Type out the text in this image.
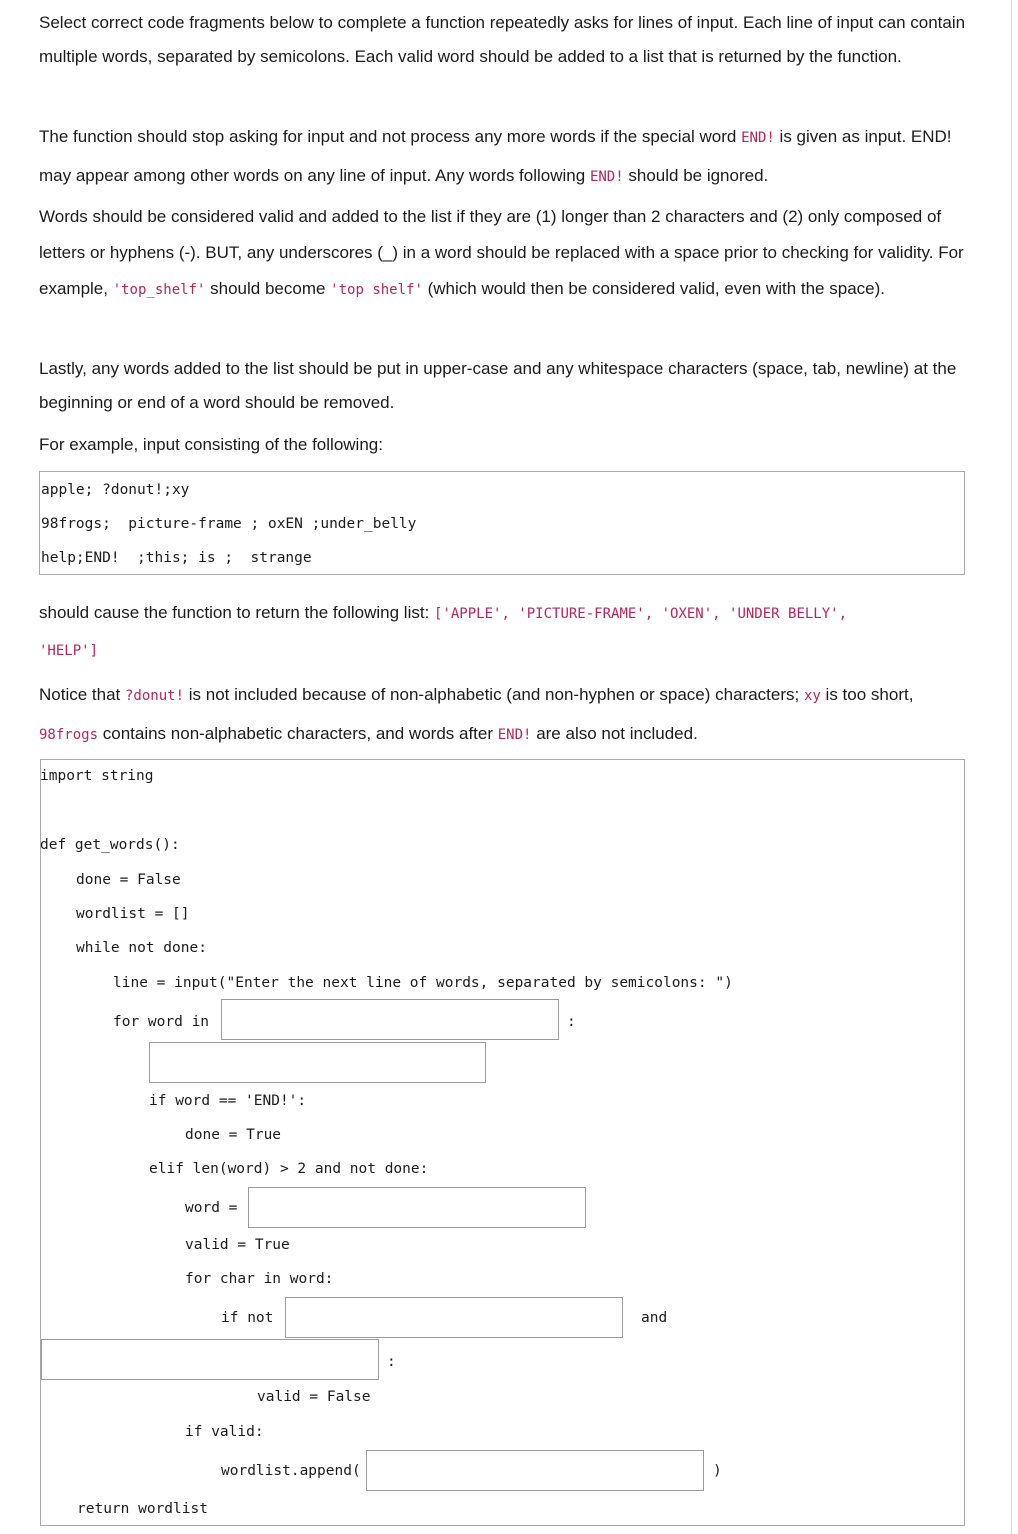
Select correct code fragments below to complete a function repeatedly asks for lines of input. Each line of input can contain multiple words, separated by semicolons. Each valid word should be added to a list that is returned by the function.

The function should stop asking for input and not process any more words if the special word END! is given as input. END! may appear among other words on any line of input. Any words following END! should be ignored.

Words should be considered valid and added to the list if they are (1) longer than 2 characters and (2) only composed of letters or hyphens (-). BUT, any underscores (_) in a word should be replaced with a space prior to checking for validity. For example, 'top_shelf' should become 'top shelf' (which would then be considered valid, even with the space).

Lastly, any words added to the list should be put in upper-case and any whitespace characters (space, tab, newline) at the beginning or end of a word should be removed.

For example, input consisting of the following:

apple; ?donut!;xy
98frogs;  picture-frame ; oxEN ;under_belly
help;END!  ;this; is ;  strange

should cause the function to return the following list: ['APPLE', 'PICTURE-FRAME', 'OXEN', 'UNDER BELLY',
'HELP']

Notice that ?donut! is not included because of non-alphabetic (and non-hyphen or space) characters; xy is too short, 98frogs contains non-alphabetic characters, and words after END! are also not included.

import string
def get_words():
done = False
wordlist = []
while not done:
line = input("Enter the next line of words, separated by semicolons: ")
for word in	:
if word == 'END!':
done = True
elif len(word) > 2 and not done:
word =
valid = True
for char in word:
if not	and
:
valid = False
if valid:
wordlist.append(	)
return wordlist
